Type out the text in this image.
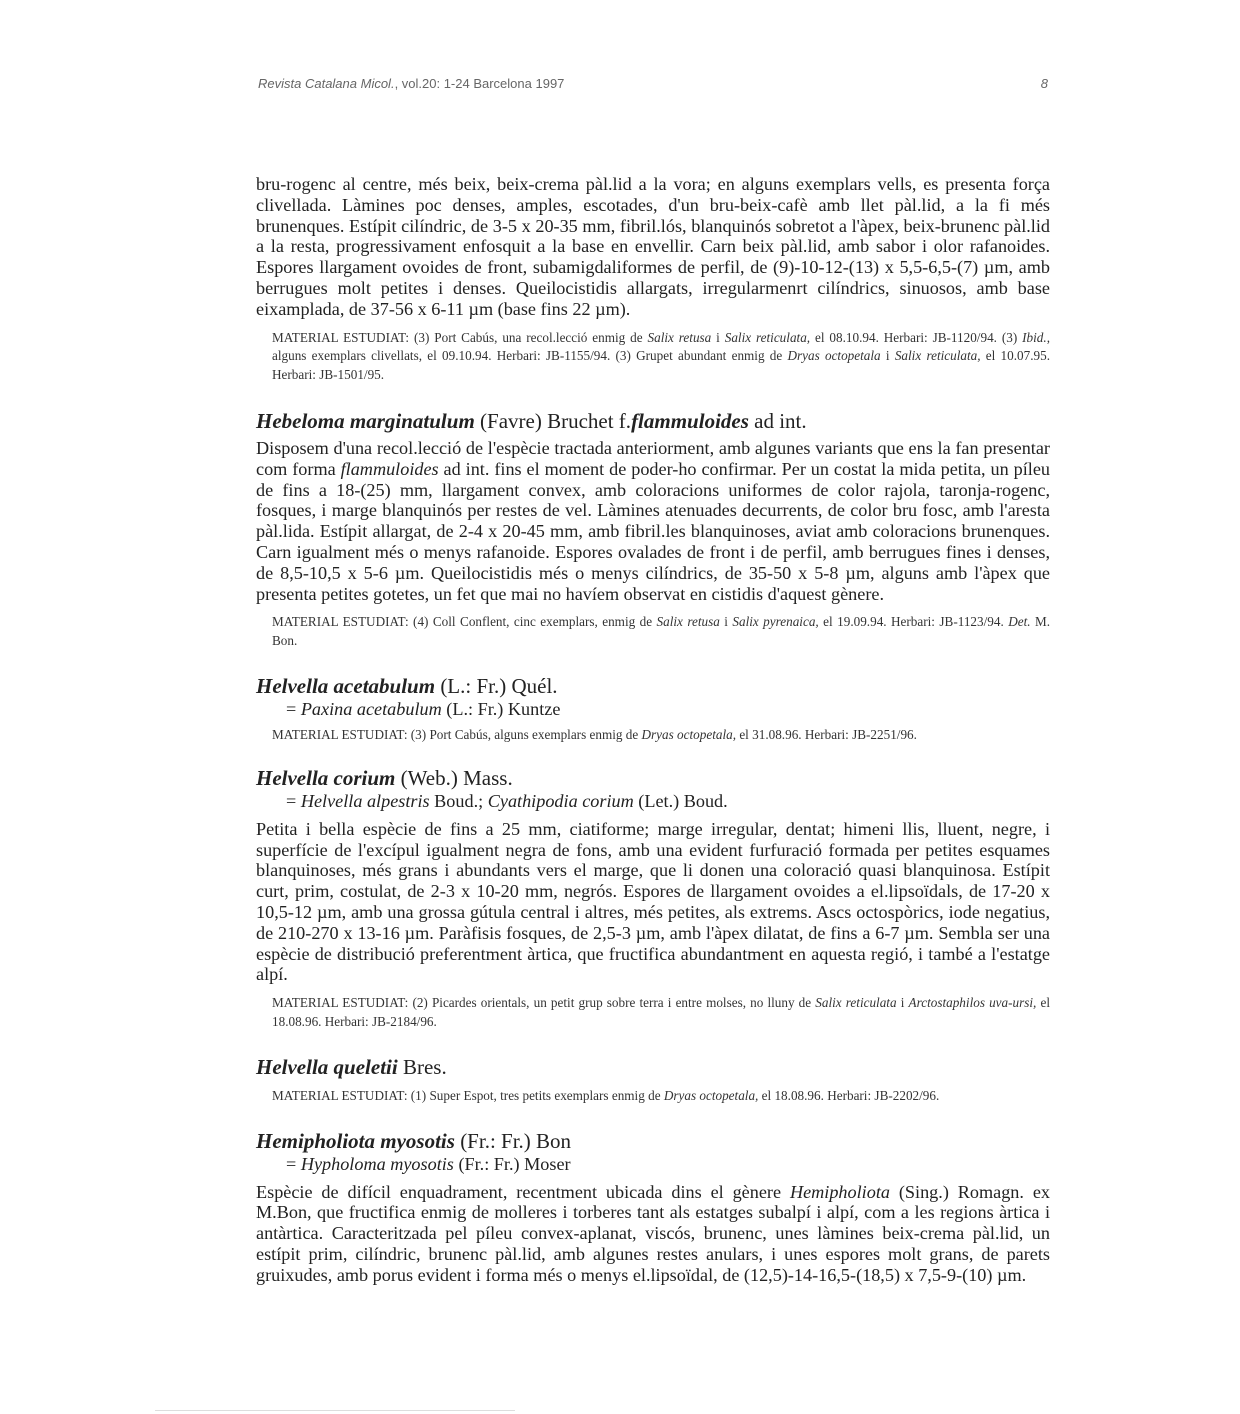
Revista Catalana Micol., vol.20: 1-24 Barcelona 1997	8

bru-rogenc al centre, més beix, beix-crema pàl.lid a la vora; en alguns exemplars vells, es presenta força clivellada. Làmines poc denses, amples, escotades, d'un bru-beix-cafè amb llet pàl.lid, a la fi més brunenques. Estípit cilíndric, de 3-5 x 20-35 mm, fibril.lós, blanquinós sobretot a l'àpex, beix-brunenc pàl.lid a la resta, progressivament enfosquit a la base en envellir. Carn beix pàl.lid, amb sabor i olor rafanoides. Espores llargament ovoides de front, subamigdaliformes de perfil, de (9)-10-12-(13) x 5,5-6,5-(7) µm, amb berrugues molt petites i denses. Queilocistidis allargats, irregularmenrt cilíndrics, sinuosos, amb base eixamplada, de 37-56 x 6-11 µm (base fins 22 µm).

MATERIAL ESTUDIAT: (3) Port Cabús, una recol.lecció enmig de Salix retusa i Salix reticulata, el 08.10.94. Herbari: JB-1120/94. (3) Ibid., alguns exemplars clivellats, el 09.10.94. Herbari: JB-1155/94. (3) Grupet abundant enmig de Dryas octopetala i Salix reticulata, el 10.07.95. Herbari: JB-1501/95.

Hebeloma marginatulum (Favre) Bruchet f.flammuloides ad int.

Disposem d'una recol.lecció de l'espècie tractada anteriorment, amb algunes variants que ens la fan presentar com forma flammuloides ad int. fins el moment de poder-ho confirmar. Per un costat la mida petita, un píleu de fins a 18-(25) mm, llargament convex, amb coloracions uniformes de color rajola, taronja-rogenc, fosques, i marge blanquinós per restes de vel. Làmines atenuades decurrents, de color bru fosc, amb l'aresta pàl.lida. Estípit allargat, de 2-4 x 20-45 mm, amb fibril.les blanquinoses, aviat amb coloracions brunenques. Carn igualment més o menys rafanoide. Espores ovalades de front i de perfil, amb berrugues fines i denses, de 8,5-10,5 x 5-6 µm. Queilocistidis més o menys cilíndrics, de 35-50 x 5-8 µm, alguns amb l'àpex que presenta petites gotetes, un fet que mai no havíem observat en cistidis d'aquest gènere.

MATERIAL ESTUDIAT: (4) Coll Conflent, cinc exemplars, enmig de Salix retusa i Salix pyrenaica, el 19.09.94. Herbari: JB-1123/94. Det. M. Bon.

Helvella acetabulum (L.: Fr.) Quél.

= Paxina acetabulum (L.: Fr.) Kuntze

MATERIAL ESTUDIAT: (3) Port Cabús, alguns exemplars enmig de Dryas octopetala, el 31.08.96. Herbari: JB-2251/96.

Helvella corium (Web.) Mass.

= Helvella alpestris Boud.; Cyathipodia corium (Let.) Boud.

Petita i bella espècie de fins a 25 mm, ciatiforme; marge irregular, dentat; himeni llis, lluent, negre, i superfície de l'excípul igualment negra de fons, amb una evident furfuració formada per petites esquames blanquinoses, més grans i abundants vers el marge, que li donen una coloració quasi blanquinosa. Estípit curt, prim, costulat, de 2-3 x 10-20 mm, negrós. Espores de llargament ovoides a el.lipsoïdals, de 17-20 x 10,5-12 µm, amb una grossa gútula central i altres, més petites, als extrems. Ascs octospòrics, iode negatius, de 210-270 x 13-16 µm. Paràfisis fosques, de 2,5-3 µm, amb l'àpex dilatat, de fins a 6-7 µm. Sembla ser una espècie de distribució preferentment àrtica, que fructifica abundantment en aquesta regió, i també a l'estatge alpí.

MATERIAL ESTUDIAT: (2) Picardes orientals, un petit grup sobre terra i entre molses, no lluny de Salix reticulata i Arctostaphilos uva-ursi, el 18.08.96. Herbari: JB-2184/96.

Helvella queletii Bres.

MATERIAL ESTUDIAT: (1) Super Espot, tres petits exemplars enmig de Dryas octopetala, el 18.08.96. Herbari: JB-2202/96.

Hemipholiota myosotis (Fr.: Fr.) Bon

= Hypholoma myosotis (Fr.: Fr.) Moser

Espècie de difícil enquadrament, recentment ubicada dins el gènere Hemipholiota (Sing.) Romagn. ex M.Bon, que fructifica enmig de molleres i torberes tant als estatges subalpí i alpí, com a les regions àrtica i antàrtica. Caracteritzada pel píleu convex-aplanat, viscós, brunenc, unes làmines beix-crema pàl.lid, un estípit prim, cilíndric, brunenc pàl.lid, amb algunes restes anulars, i unes espores molt grans, de parets gruixudes, amb porus evident i forma més o menys el.lipsoïdal, de (12,5)-14-16,5-(18,5) x 7,5-9-(10) µm.
